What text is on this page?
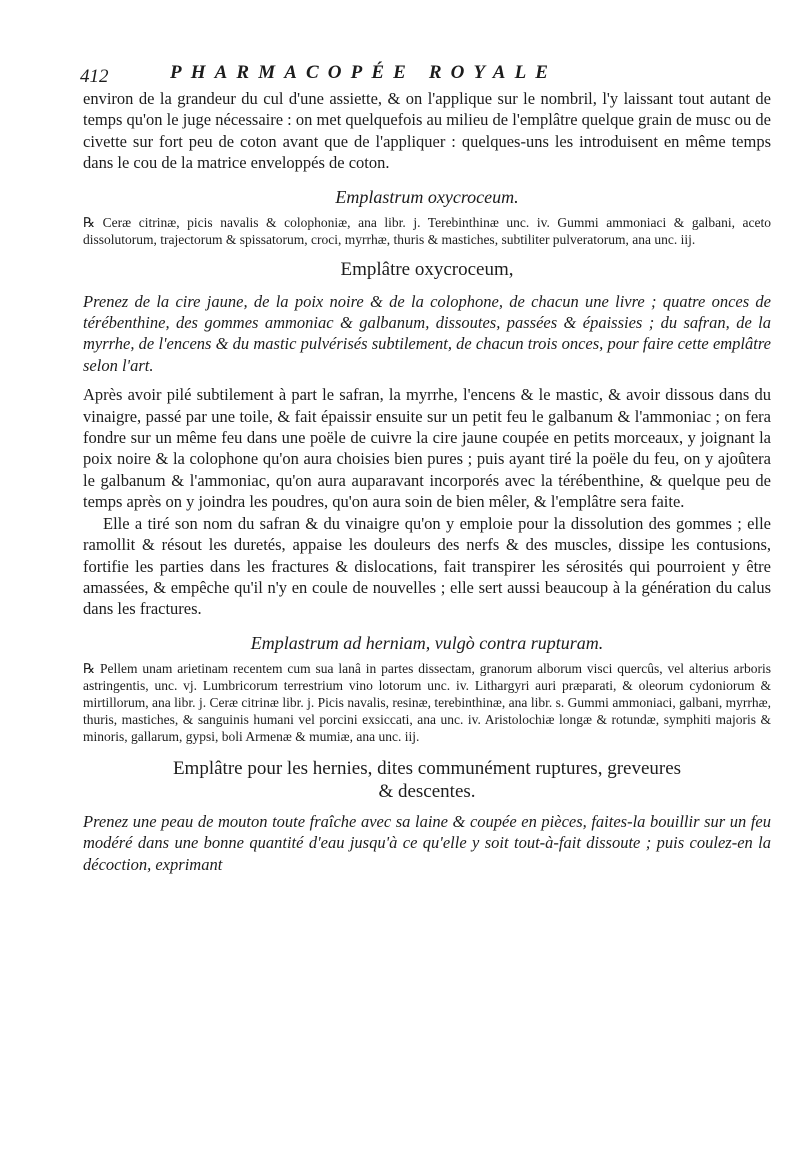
412	PHARMACOPÉE ROYALE

environ de la grandeur du cul d'une assiette, & on l'applique sur le nombril, l'y laissant tout autant de temps qu'on le juge nécessaire : on met quelquefois au milieu de l'emplâtre quelque grain de musc ou de civette sur fort peu de coton avant que de l'appliquer : quelques-uns les introduisent en même temps dans le cou de la matrice enveloppés de coton.

Emplastrum oxycroceum.

℞ Ceræ citrinæ, picis navalis & colophoniæ, ana libr. j. Terebinthinæ unc. iv. Gummi ammoniaci & galbani, aceto dissolutorum, trajectorum & spissatorum, croci, myrrhæ, thuris & mastiches, subtiliter pulveratorum, ana unc. iij.

Emplâtre oxycroceum,

Prenez de la cire jaune, de la poix noire & de la colophone, de chacun une livre ; quatre onces de térébenthine, des gommes ammoniac & galbanum, dissoutes, passées & épaissies ; du safran, de la myrrhe, de l'encens & du mastic pulvérisés subtilement, de chacun trois onces, pour faire cette emplâtre selon l'art.

Après avoir pilé subtilement à part le safran, la myrrhe, l'encens & le mastic, & avoir dissous dans du vinaigre, passé par une toile, & fait épaissir ensuite sur un petit feu le galbanum & l'ammoniac ; on fera fondre sur un même feu dans une poële de cuivre la cire jaune coupée en petits morceaux, y joignant la poix noire & la colophone qu'on aura choisies bien pures ; puis ayant tiré la poële du feu, on y ajoûtera le galbanum & l'ammoniac, qu'on aura auparavant incorporés avec la térébenthine, & quelque peu de temps après on y joindra les poudres, qu'on aura soin de bien mêler, & l'emplâtre sera faite.

Elle a tiré son nom du safran & du vinaigre qu'on y emploie pour la dissolution des gommes ; elle ramollit & résout les duretés, appaise les douleurs des nerfs & des muscles, dissipe les contusions, fortifie les parties dans les fractures & dislocations, fait transpirer les sérosités qui pourroient y être amassées, & empêche qu'il n'y en coule de nouvelles ; elle sert aussi beaucoup à la génération du calus dans les fractures.

Emplastrum ad herniam, vulgò contra rupturam.

℞ Pellem unam arietinam recentem cum sua lanâ in partes dissectam, granorum alborum visci quercûs, vel alterius arboris astringentis, unc. vj. Lumbricorum terrestrium vino lotorum unc. iv. Lithargyri auri præparati, & oleorum cydoniorum & mirtillorum, ana libr. j. Ceræ citrinæ libr. j. Picis navalis, resinæ, terebinthinæ, ana libr. s. Gummi ammoniaci, galbani, myrrhæ, thuris, mastiches, & sanguinis humani vel porcini exsiccati, ana unc. iv. Aristolochiæ longæ & rotundæ, symphiti majoris & minoris, gallarum, gypsi, boli Armenæ & mumiæ, ana unc. iij.

Emplâtre pour les hernies, dites communément ruptures, greveures
& descentes.

Prenez une peau de mouton toute fraîche avec sa laine & coupée en pièces, faites-la bouillir sur un feu modéré dans une bonne quantité d'eau jusqu'à ce qu'elle y soit tout-à-fait dissoute ; puis coulez-en la décoction, exprimant
